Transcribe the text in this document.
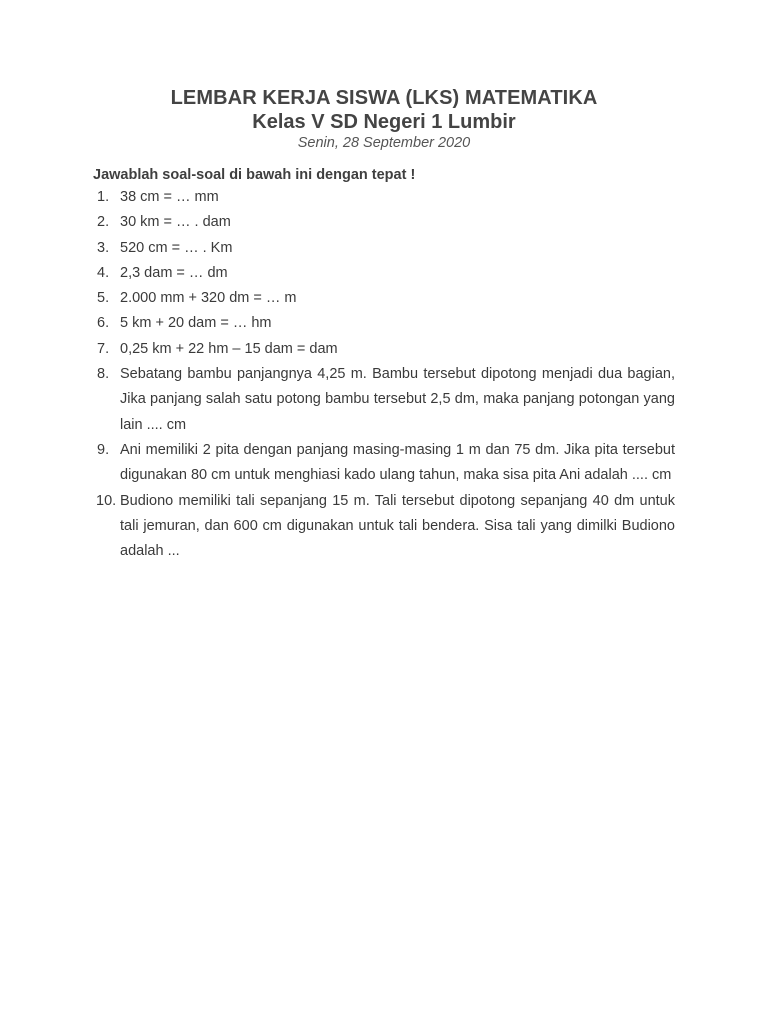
LEMBAR KERJA SISWA (LKS) MATEMATIKA
Kelas V SD Negeri 1 Lumbir
Senin, 28 September 2020
Jawablah soal-soal di bawah ini dengan tepat !
1. 38 cm = … mm
2. 30 km = … . dam
3. 520 cm = … . Km
4. 2,3 dam = … dm
5. 2.000 mm + 320 dm = … m
6. 5 km + 20 dam = … hm
7. 0,25 km + 22 hm – 15 dam = dam
8. Sebatang bambu panjangnya 4,25 m. Bambu tersebut dipotong menjadi dua bagian, Jika panjang salah satu potong bambu tersebut 2,5 dm, maka panjang potongan yang lain .... cm
9. Ani memiliki 2 pita dengan panjang masing-masing 1 m dan 75 dm. Jika pita tersebut digunakan 80 cm untuk menghiasi kado ulang tahun, maka sisa pita Ani adalah .... cm
10. Budiono memiliki tali sepanjang 15 m. Tali tersebut dipotong sepanjang 40 dm untuk tali jemuran, dan 600 cm digunakan untuk tali bendera. Sisa tali yang dimilki Budiono adalah ...
